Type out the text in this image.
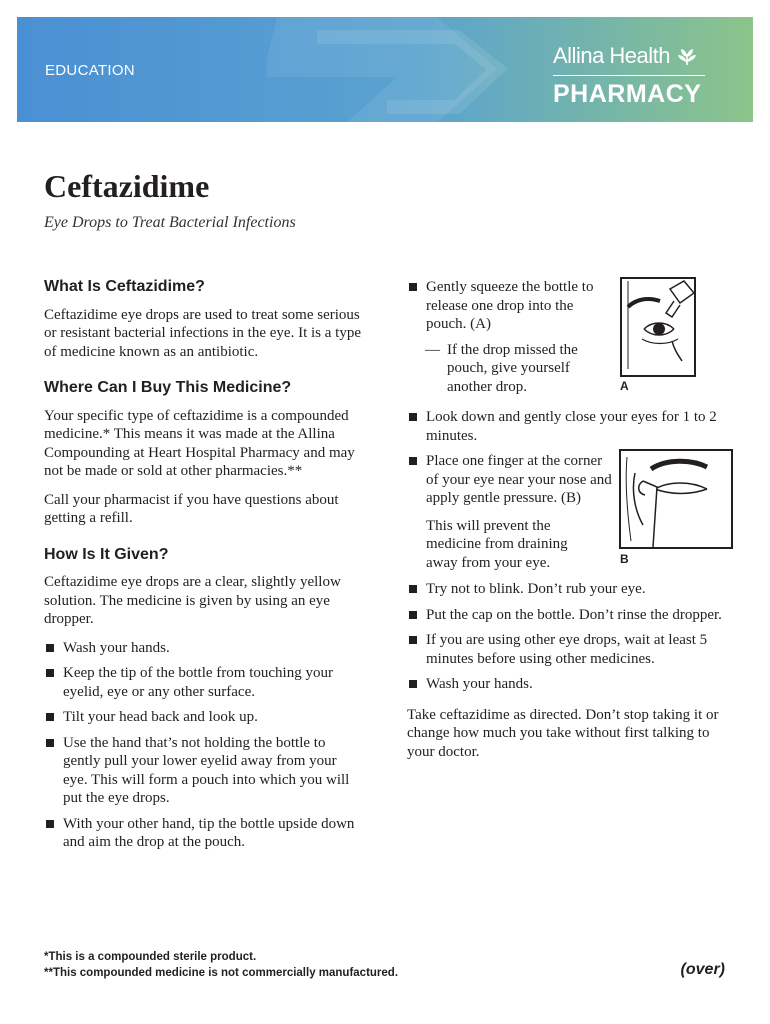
EDUCATION
Allina Health
PHARMACY
Ceftazidime
Eye Drops to Treat Bacterial Infections
What Is Ceftazidime?

Ceftazidime eye drops are used to treat some serious or resistant bacterial infections in the eye. It is a type of medicine known as an antibiotic.

Where Can I Buy This Medicine?

Your specific type of ceftazidime is a compounded medicine.* This means it was made at the Allina Compounding at Heart Hospital Pharmacy and may not be made or sold at other pharmacies.**

Call your pharmacist if you have questions about getting a refill.

How Is It Given?

Ceftazidime eye drops are a clear, slightly yellow solution. The medicine is given by using an eye dropper.

Wash your hands.
Keep the tip of the bottle from touching your eyelid, eye or any other surface.
Tilt your head back and look up.
Use the hand that’s not holding the bottle to gently pull your lower eyelid away from your eye. This will form a pouch into which you will put the eye drops.
With your other hand, tip the bottle upside down and aim the drop at the pouch.
Gently squeeze the bottle to release one drop into the pouch. (A)
— If the drop missed the pouch, give yourself another drop.
Look down and gently close your eyes for 1 to 2 minutes.
Place one finger at the corner of your eye near your nose and apply gentle pressure. (B)

This will prevent the medicine from draining away from your eye.

Try not to blink. Don’t rub your eye.
Put the cap on the bottle. Don’t rinse the dropper.
If you are using other eye drops, wait at least 5 minutes before using other medicines.
Wash your hands.

Take ceftazidime as directed. Don’t stop taking it or change how much you take without first talking to your doctor.

A
B
*This is a compounded sterile product.
**This compounded medicine is not commercially manufactured.	(over)
